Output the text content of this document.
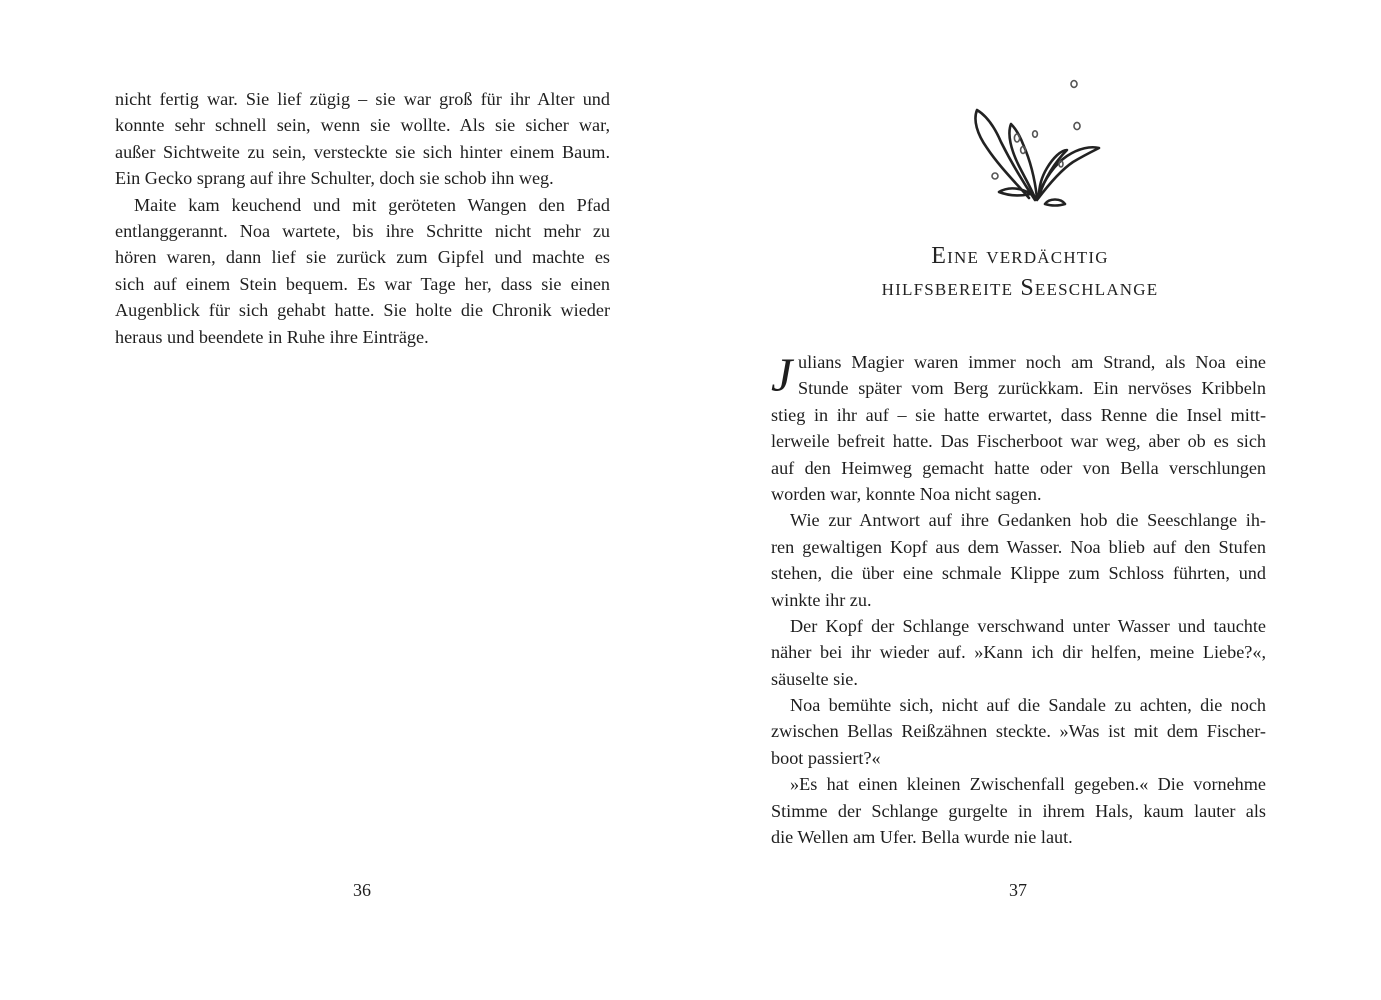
nicht fertig war. Sie lief zügig – sie war groß für ihr Alter und
konnte sehr schnell sein, wenn sie wollte. Als sie sicher war,
außer Sichtweite zu sein, versteckte sie sich hinter einem Baum.
Ein Gecko sprang auf ihre Schulter, doch sie schob ihn weg.

Maite kam keuchend und mit geröteten Wangen den Pfad
entlanggerannt. Noa wartete, bis ihre Schritte nicht mehr zu
hören waren, dann lief sie zurück zum Gipfel und machte es
sich auf einem Stein bequem. Es war Tage her, dass sie einen
Augenblick für sich gehabt hatte. Sie holte die Chronik wieder
heraus und beendete in Ruhe ihre Einträge.

36
Eine verdächtig
hilfsbereite Seeschlange
J ulians Magier waren immer noch am Strand, als Noa eine
Stunde später vom Berg zurückkam. Ein nervöses Kribbeln
stieg in ihr auf – sie hatte erwartet, dass Renne die Insel mitt-
lerweile befreit hatte. Das Fischerboot war weg, aber ob es sich
auf den Heimweg gemacht hatte oder von Bella verschlungen
worden war, konnte Noa nicht sagen.

Wie zur Antwort auf ihre Gedanken hob die Seeschlange ih-
ren gewaltigen Kopf aus dem Wasser. Noa blieb auf den Stufen
stehen, die über eine schmale Klippe zum Schloss führten, und
winkte ihr zu.

Der Kopf der Schlange verschwand unter Wasser und tauchte
näher bei ihr wieder auf. »Kann ich dir helfen, meine Liebe?«,
säuselte sie.

Noa bemühte sich, nicht auf die Sandale zu achten, die noch
zwischen Bellas Reißzähnen steckte. »Was ist mit dem Fischer-
boot passiert?«

»Es hat einen kleinen Zwischenfall gegeben.« Die vornehme
Stimme der Schlange gurgelte in ihrem Hals, kaum lauter als
die Wellen am Ufer. Bella wurde nie laut.

37
